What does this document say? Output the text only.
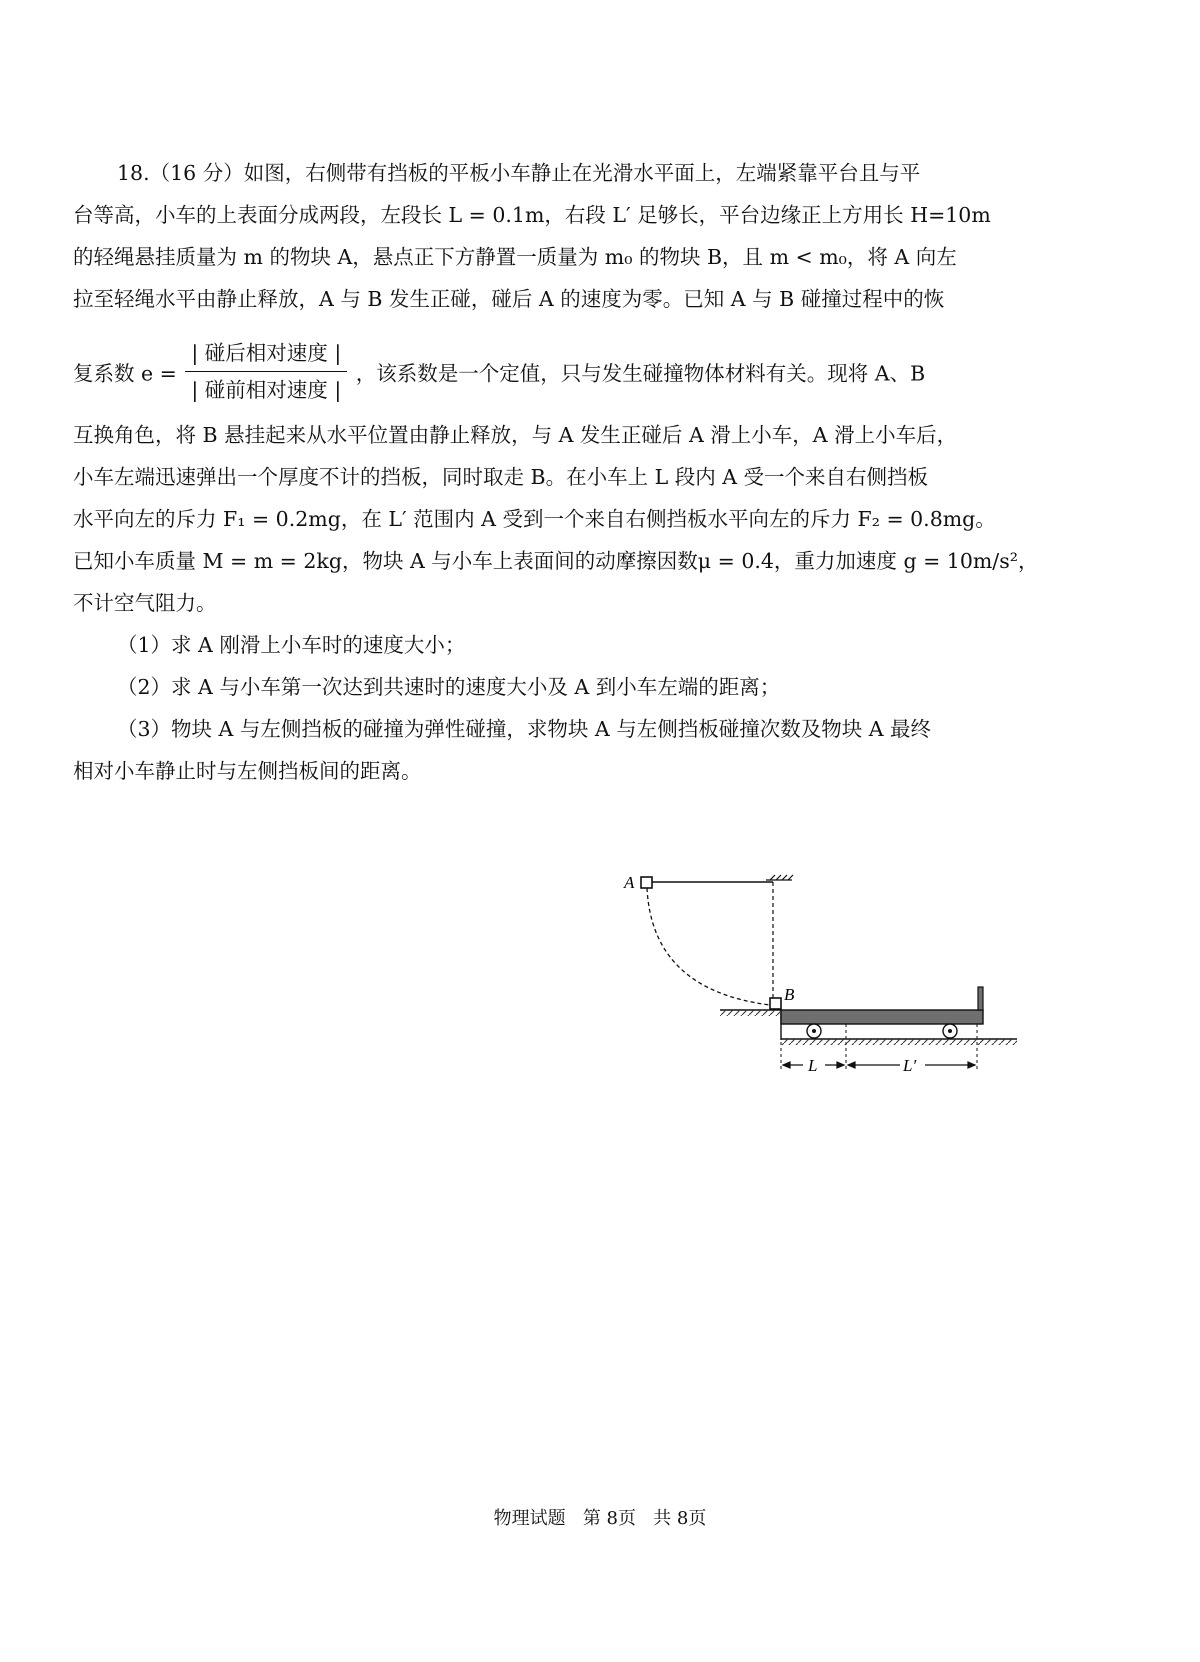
18.（16 分）如图，右侧带有挡板的平板小车静止在光滑水平面上，左端紧靠平台且与平
台等高，小车的上表面分成两段，左段长 L = 0.1m，右段 L′ 足够长，平台边缘正上方用长 H=10m
的轻绳悬挂质量为 m 的物块 A，悬点正下方静置一质量为 m₀ 的物块 B，且 m < m₀，将 A 向左
拉至轻绳水平由静止释放，A 与 B 发生正碰，碰后 A 的速度为零。已知 A 与 B 碰撞过程中的恢
复系数 $e = \frac{\text{| 碰后相对速度 |}}{\text{| 碰前相对速度 |}}$ ，该系数是一个定值，只与发生碰撞物体材料有关。现将 A、B
互换角色，将 B 悬挂起来从水平位置由静止释放，与 A 发生正碰后 A 滑上小车，A 滑上小车后，
小车左端迅速弹出一个厚度不计的挡板，同时取走 B。在小车上 L 段内 A 受一个来自右侧挡板
水平向左的斥力 F₁ = 0.2mg，在 L′ 范围内 A 受到一个来自右侧挡板水平向左的斥力 F₂ = 0.8mg。
已知小车质量 M = m = 2kg，物块 A 与小车上表面间的动摩擦因数μ = 0.4，重力加速度 g = 10m/s²，
不计空气阻力。
（1）求 A 刚滑上小车时的速度大小；
（2）求 A 与小车第一次达到共速时的速度大小及 A 到小车左端的距离；
（3）物块 A 与左侧挡板的碰撞为弹性碰撞，求物块 A 与左侧挡板碰撞次数及物块 A 最终
相对小车静止时与左侧挡板间的距离。
A
B
L	L′
物理试题   第 8页   共 8页
